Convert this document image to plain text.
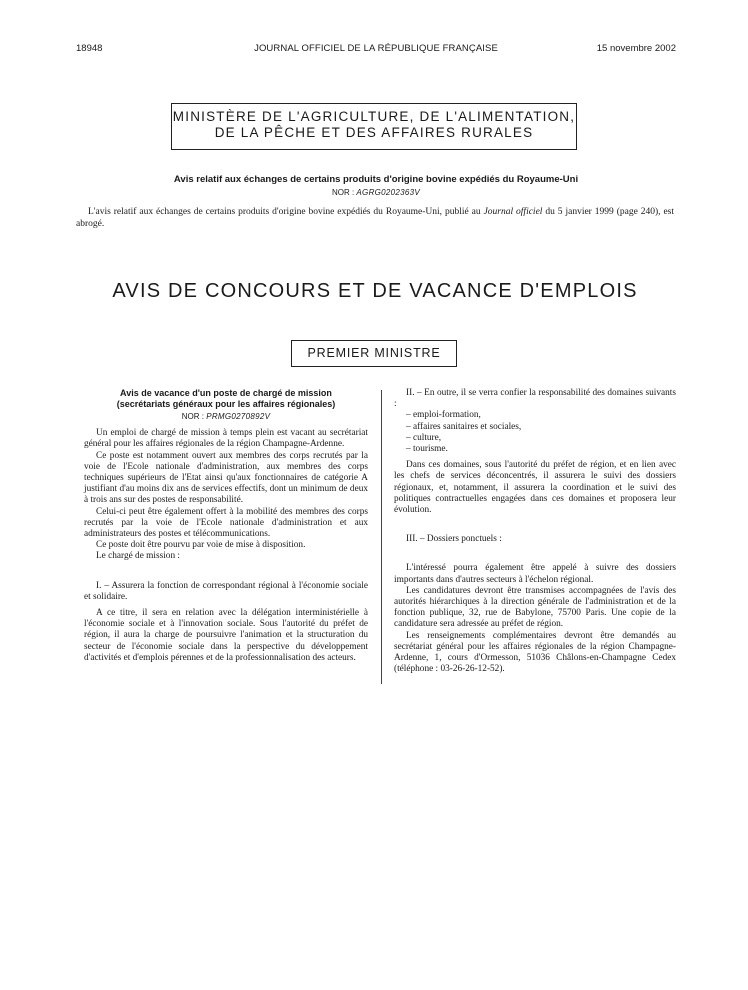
18948	JOURNAL OFFICIEL DE LA RÉPUBLIQUE FRANÇAISE	15 novembre 2002
MINISTÈRE DE L'AGRICULTURE, DE L'ALIMENTATION,
DE LA PÊCHE ET DES AFFAIRES RURALES
Avis relatif aux échanges de certains produits d'origine bovine expédiés du Royaume-Uni
NOR : AGRG0202363V
L'avis relatif aux échanges de certains produits d'origine bovine expédiés du Royaume-Uni, publié au Journal officiel du 5 janvier 1999 (page 240), est abrogé.
AVIS DE CONCOURS ET DE VACANCE D'EMPLOIS
PREMIER MINISTRE
Avis de vacance d'un poste de chargé de mission
(secrétariats généraux pour les affaires régionales)
NOR : PRMG0270892V

Un emploi de chargé de mission à temps plein est vacant au secrétariat général pour les affaires régionales de la région Champagne-Ardenne.

Ce poste est notamment ouvert aux membres des corps recrutés par la voie de l'Ecole nationale d'administration, aux membres des corps techniques supérieurs de l'Etat ainsi qu'aux fonctionnaires de catégorie A justifiant d'au moins dix ans de services effectifs, dont un minimum de deux à trois ans sur des postes de responsabilité.

Celui-ci peut être également offert à la mobilité des membres des corps recrutés par la voie de l'Ecole nationale d'administration et aux administrateurs des postes et télécommunications.

Ce poste doit être pourvu par voie de mise à disposition.

Le chargé de mission :

I. – Assurera la fonction de correspondant régional à l'économie sociale et solidaire.

A ce titre, il sera en relation avec la délégation interministérielle à l'économie sociale et à l'innovation sociale. Sous l'autorité du préfet de région, il aura la charge de poursuivre l'animation et la structuration du secteur de l'économie sociale dans la perspective du développement d'activités et d'emplois pérennes et de la professionnalisation des acteurs.

II. – En outre, il se verra confier la responsabilité des domaines suivants :

– emploi-formation,
– affaires sanitaires et sociales,
– culture,
– tourisme.

Dans ces domaines, sous l'autorité du préfet de région, et en lien avec les chefs de services déconcentrés, il assurera le suivi des dossiers régionaux, et, notamment, il assurera la coordination et le suivi des politiques contractuelles engagées dans ces domaines et proposera leur évolution.

III. – Dossiers ponctuels :

L'intéressé pourra également être appelé à suivre des dossiers importants dans d'autres secteurs à l'échelon régional.

Les candidatures devront être transmises accompagnées de l'avis des autorités hiérarchiques à la direction générale de l'administration et de la fonction publique, 32, rue de Babylone, 75700 Paris. Une copie de la candidature sera adressée au préfet de région.

Les renseignements complémentaires devront être demandés au secrétariat général pour les affaires régionales de la région Champagne-Ardenne, 1, cours d'Ormesson, 51036 Châlons-en-Champagne Cedex (téléphone : 03-26-26-12-52).
